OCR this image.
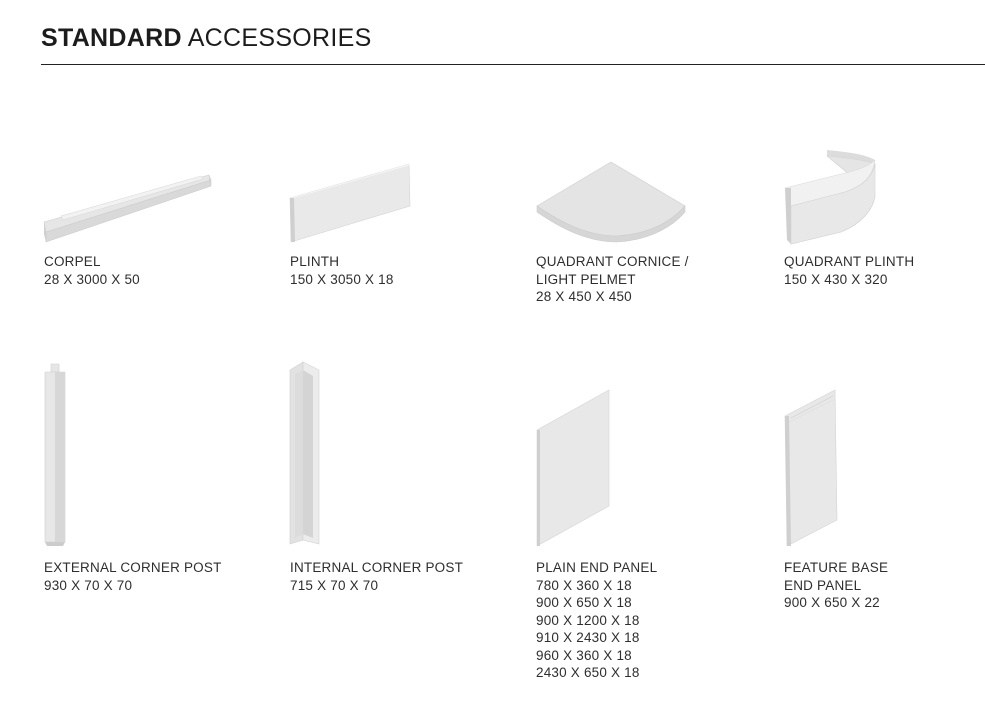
STANDARD ACCESSORIES
CORPEL
28 X 3000 X 50
PLINTH
150 X 3050 X 18
QUADRANT CORNICE /
LIGHT PELMET
28 X 450 X 450
QUADRANT PLINTH
150 X 430 X 320
EXTERNAL CORNER POST
930 X 70 X 70
INTERNAL CORNER POST
715 X 70 X 70
PLAIN END PANEL
780 X 360 X 18
900 X 650 X 18
900 X 1200 X 18
910 X 2430 X 18
960 X 360 X 18
2430 X 650 X 18
FEATURE BASE
END PANEL
900 X 650 X 22
